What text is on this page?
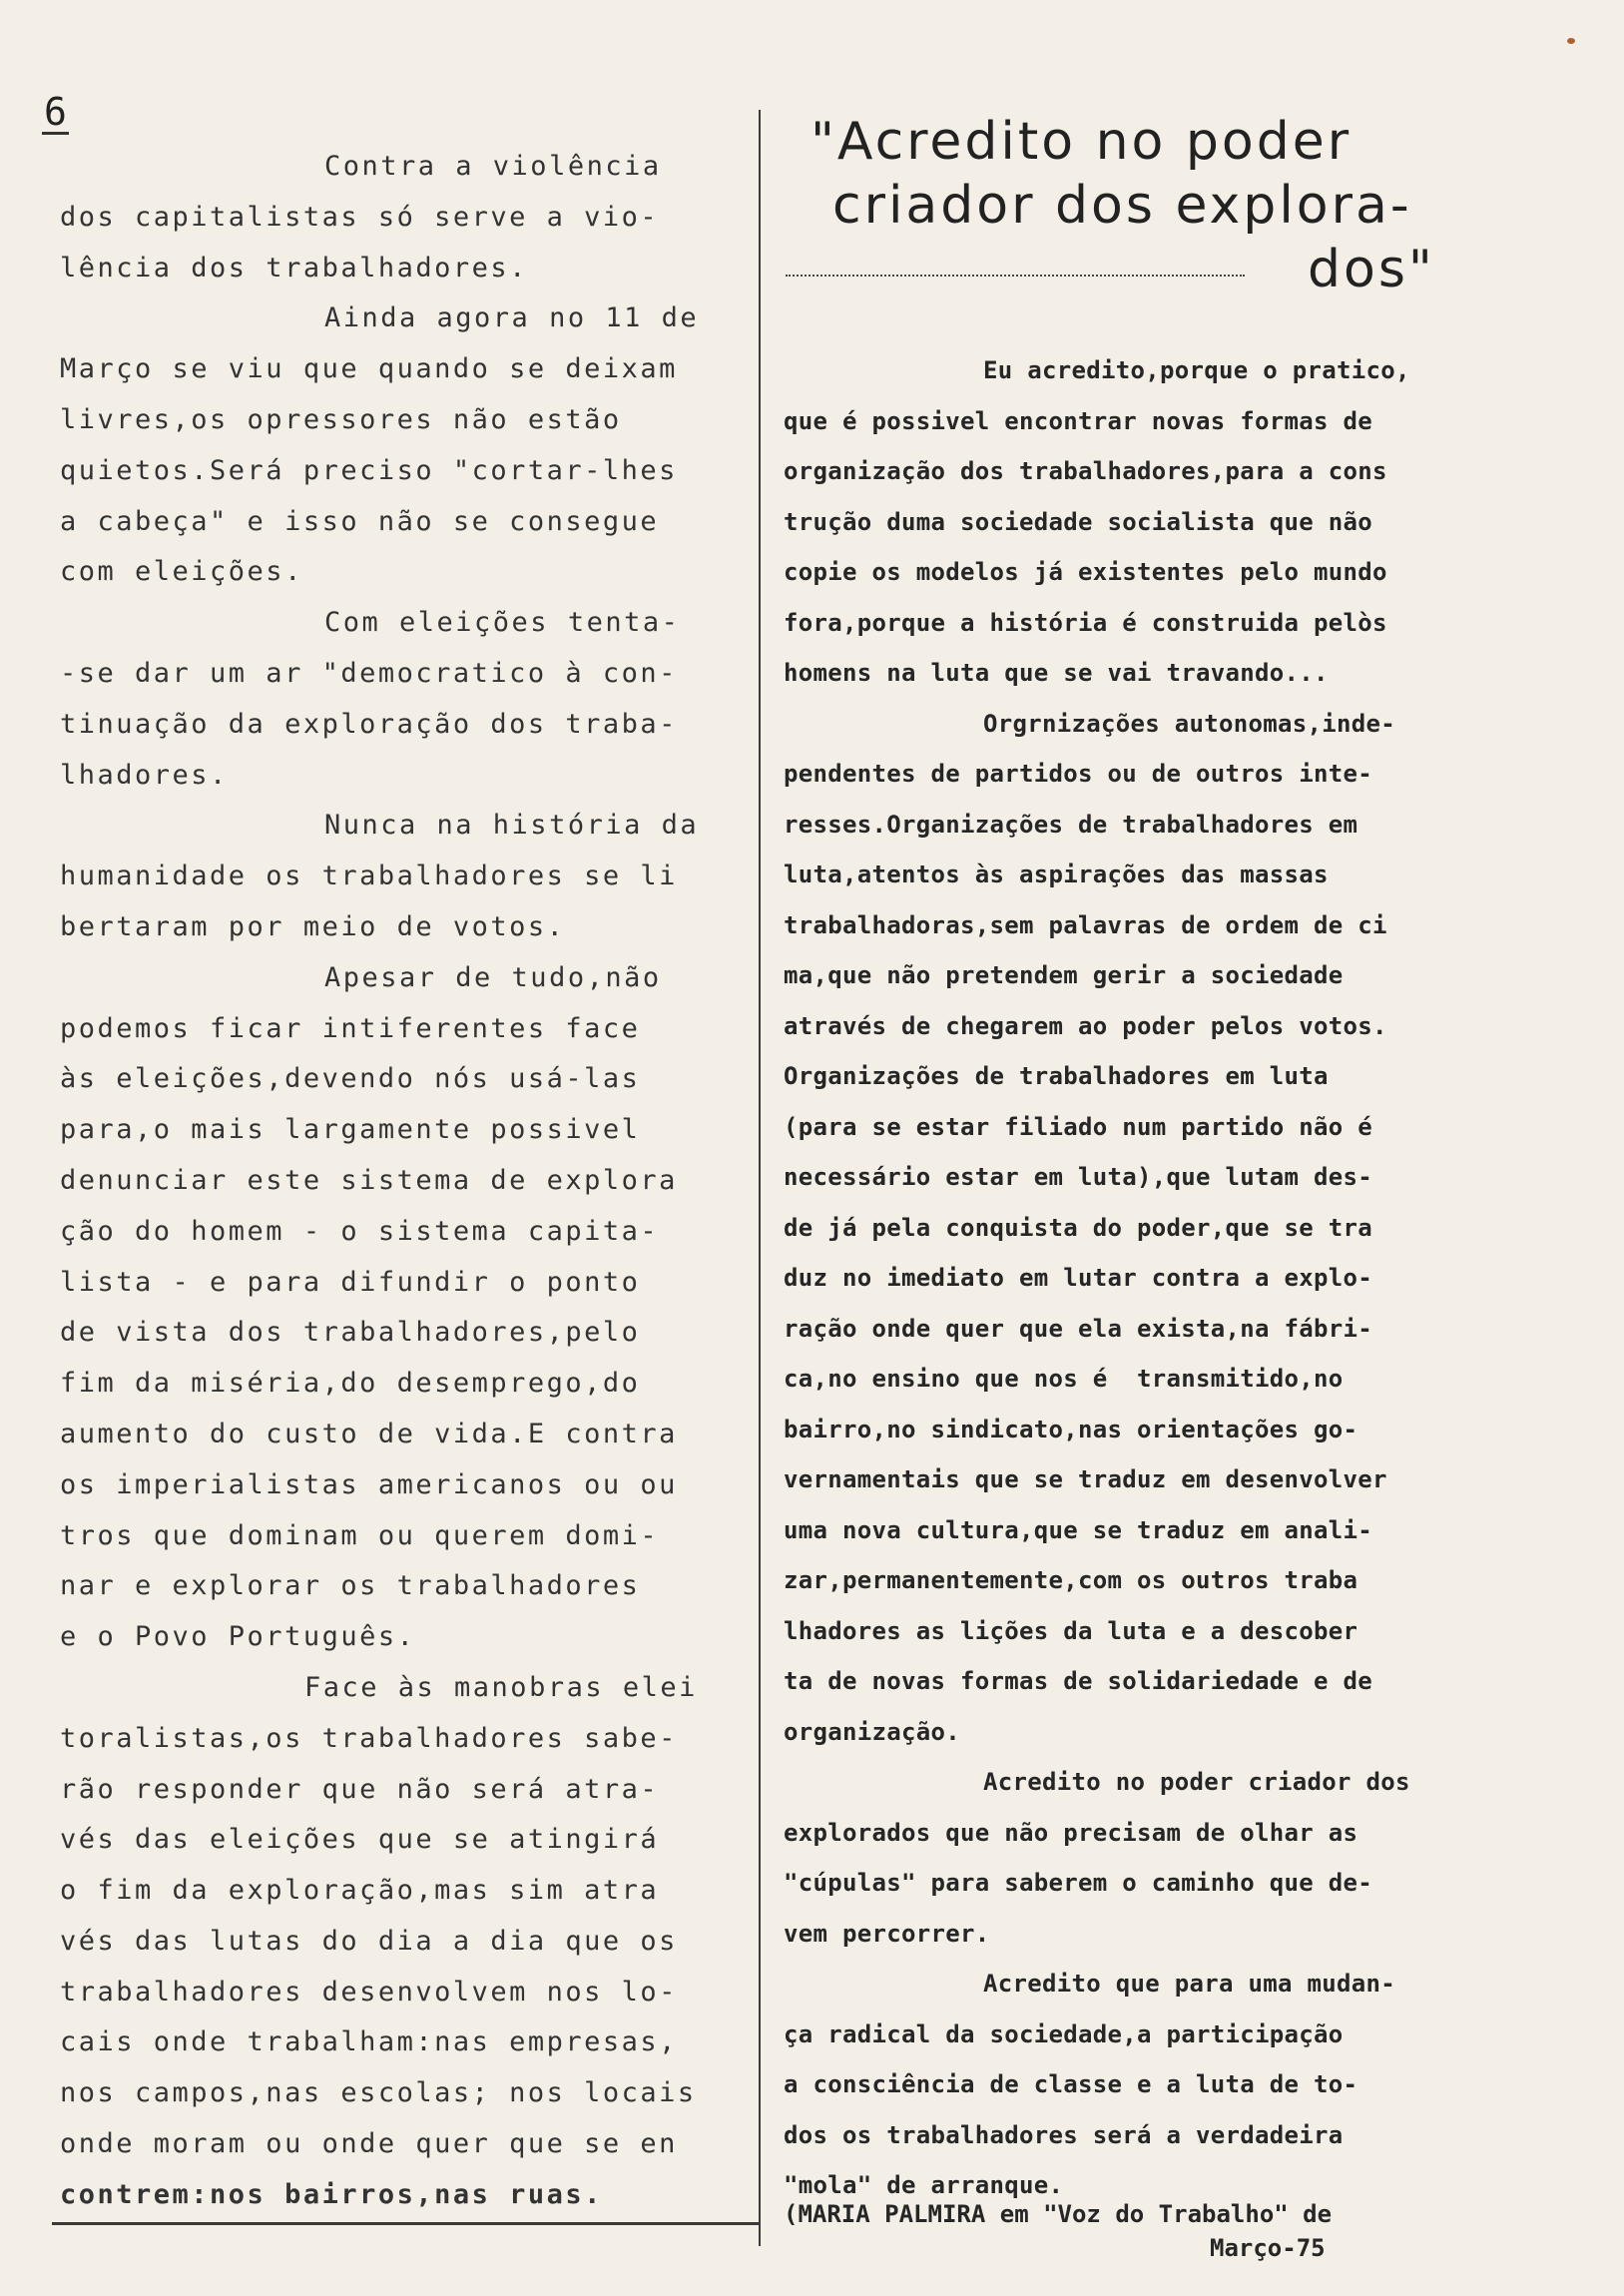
6
Contra a violência
dos capitalistas só serve a vio-
lência dos trabalhadores.
Ainda agora no 11 de
Março se viu que quando se deixam
livres,os opressores não estão
quietos.Será preciso "cortar-lhes
a cabeça" e isso não se consegue
com eleições.
Com eleições tenta-
-se dar um ar "democratico à con-
tinuação da exploração dos traba-
lhadores.
Nunca na história da
humanidade os trabalhadores se li
bertaram por meio de votos.
Apesar de tudo,não
podemos ficar intiferentes face
às eleições,devendo nós usá-las
para,o mais largamente possivel
denunciar este sistema de explora
ção do homem - o sistema capita-
lista - e para difundir o ponto
de vista dos trabalhadores,pelo
fim da miséria,do desemprego,do
aumento do custo de vida.E contra
os imperialistas americanos ou ou
tros que dominam ou querem domi-
nar e explorar os trabalhadores
e o Povo Português.
Face às manobras elei
toralistas,os trabalhadores sabe-
rão responder que não será atra-
vés das eleições que se atingirá
o fim da exploração,mas sim atra
vés das lutas do dia a dia que os
trabalhadores desenvolvem nos lo-
cais onde trabalham:nas empresas,
nos campos,nas escolas; nos locais
onde moram ou onde quer que se en
contrem:nos bairros,nas ruas.
"Acredito no poder
criador dos explora-
dos"
Eu acredito,porque o pratico,
que é possivel encontrar novas formas de
organização dos trabalhadores,para a cons
trução duma sociedade socialista que não
copie os modelos já existentes pelo mundo
fora,porque a história é construida pelòs
homens na luta que se vai travando...
Orgrnizações autonomas,inde-
pendentes de partidos ou de outros inte-
resses.Organizações de trabalhadores em
luta,atentos às aspirações das massas
trabalhadoras,sem palavras de ordem de ci
ma,que não pretendem gerir a sociedade
através de chegarem ao poder pelos votos.
Organizações de trabalhadores em luta
(para se estar filiado num partido não é
necessário estar em luta),que lutam des-
de já pela conquista do poder,que se tra
duz no imediato em lutar contra a explo-
ração onde quer que ela exista,na fábri-
ca,no ensino que nos é  transmitido,no
bairro,no sindicato,nas orientações go-
vernamentais que se traduz em desenvolver
uma nova cultura,que se traduz em anali-
zar,permanentemente,com os outros traba
lhadores as lições da luta e a descober
ta de novas formas de solidariedade e de
organização.
Acredito no poder criador dos
explorados que não precisam de olhar as
"cúpulas" para saberem o caminho que de-
vem percorrer.
Acredito que para uma mudan-
ça radical da sociedade,a participação
a consciência de classe e a luta de to-
dos os trabalhadores será a verdadeira
"mola" de arranque.
(MARIA PALMIRA em "Voz do Trabalho" de
Março-75
